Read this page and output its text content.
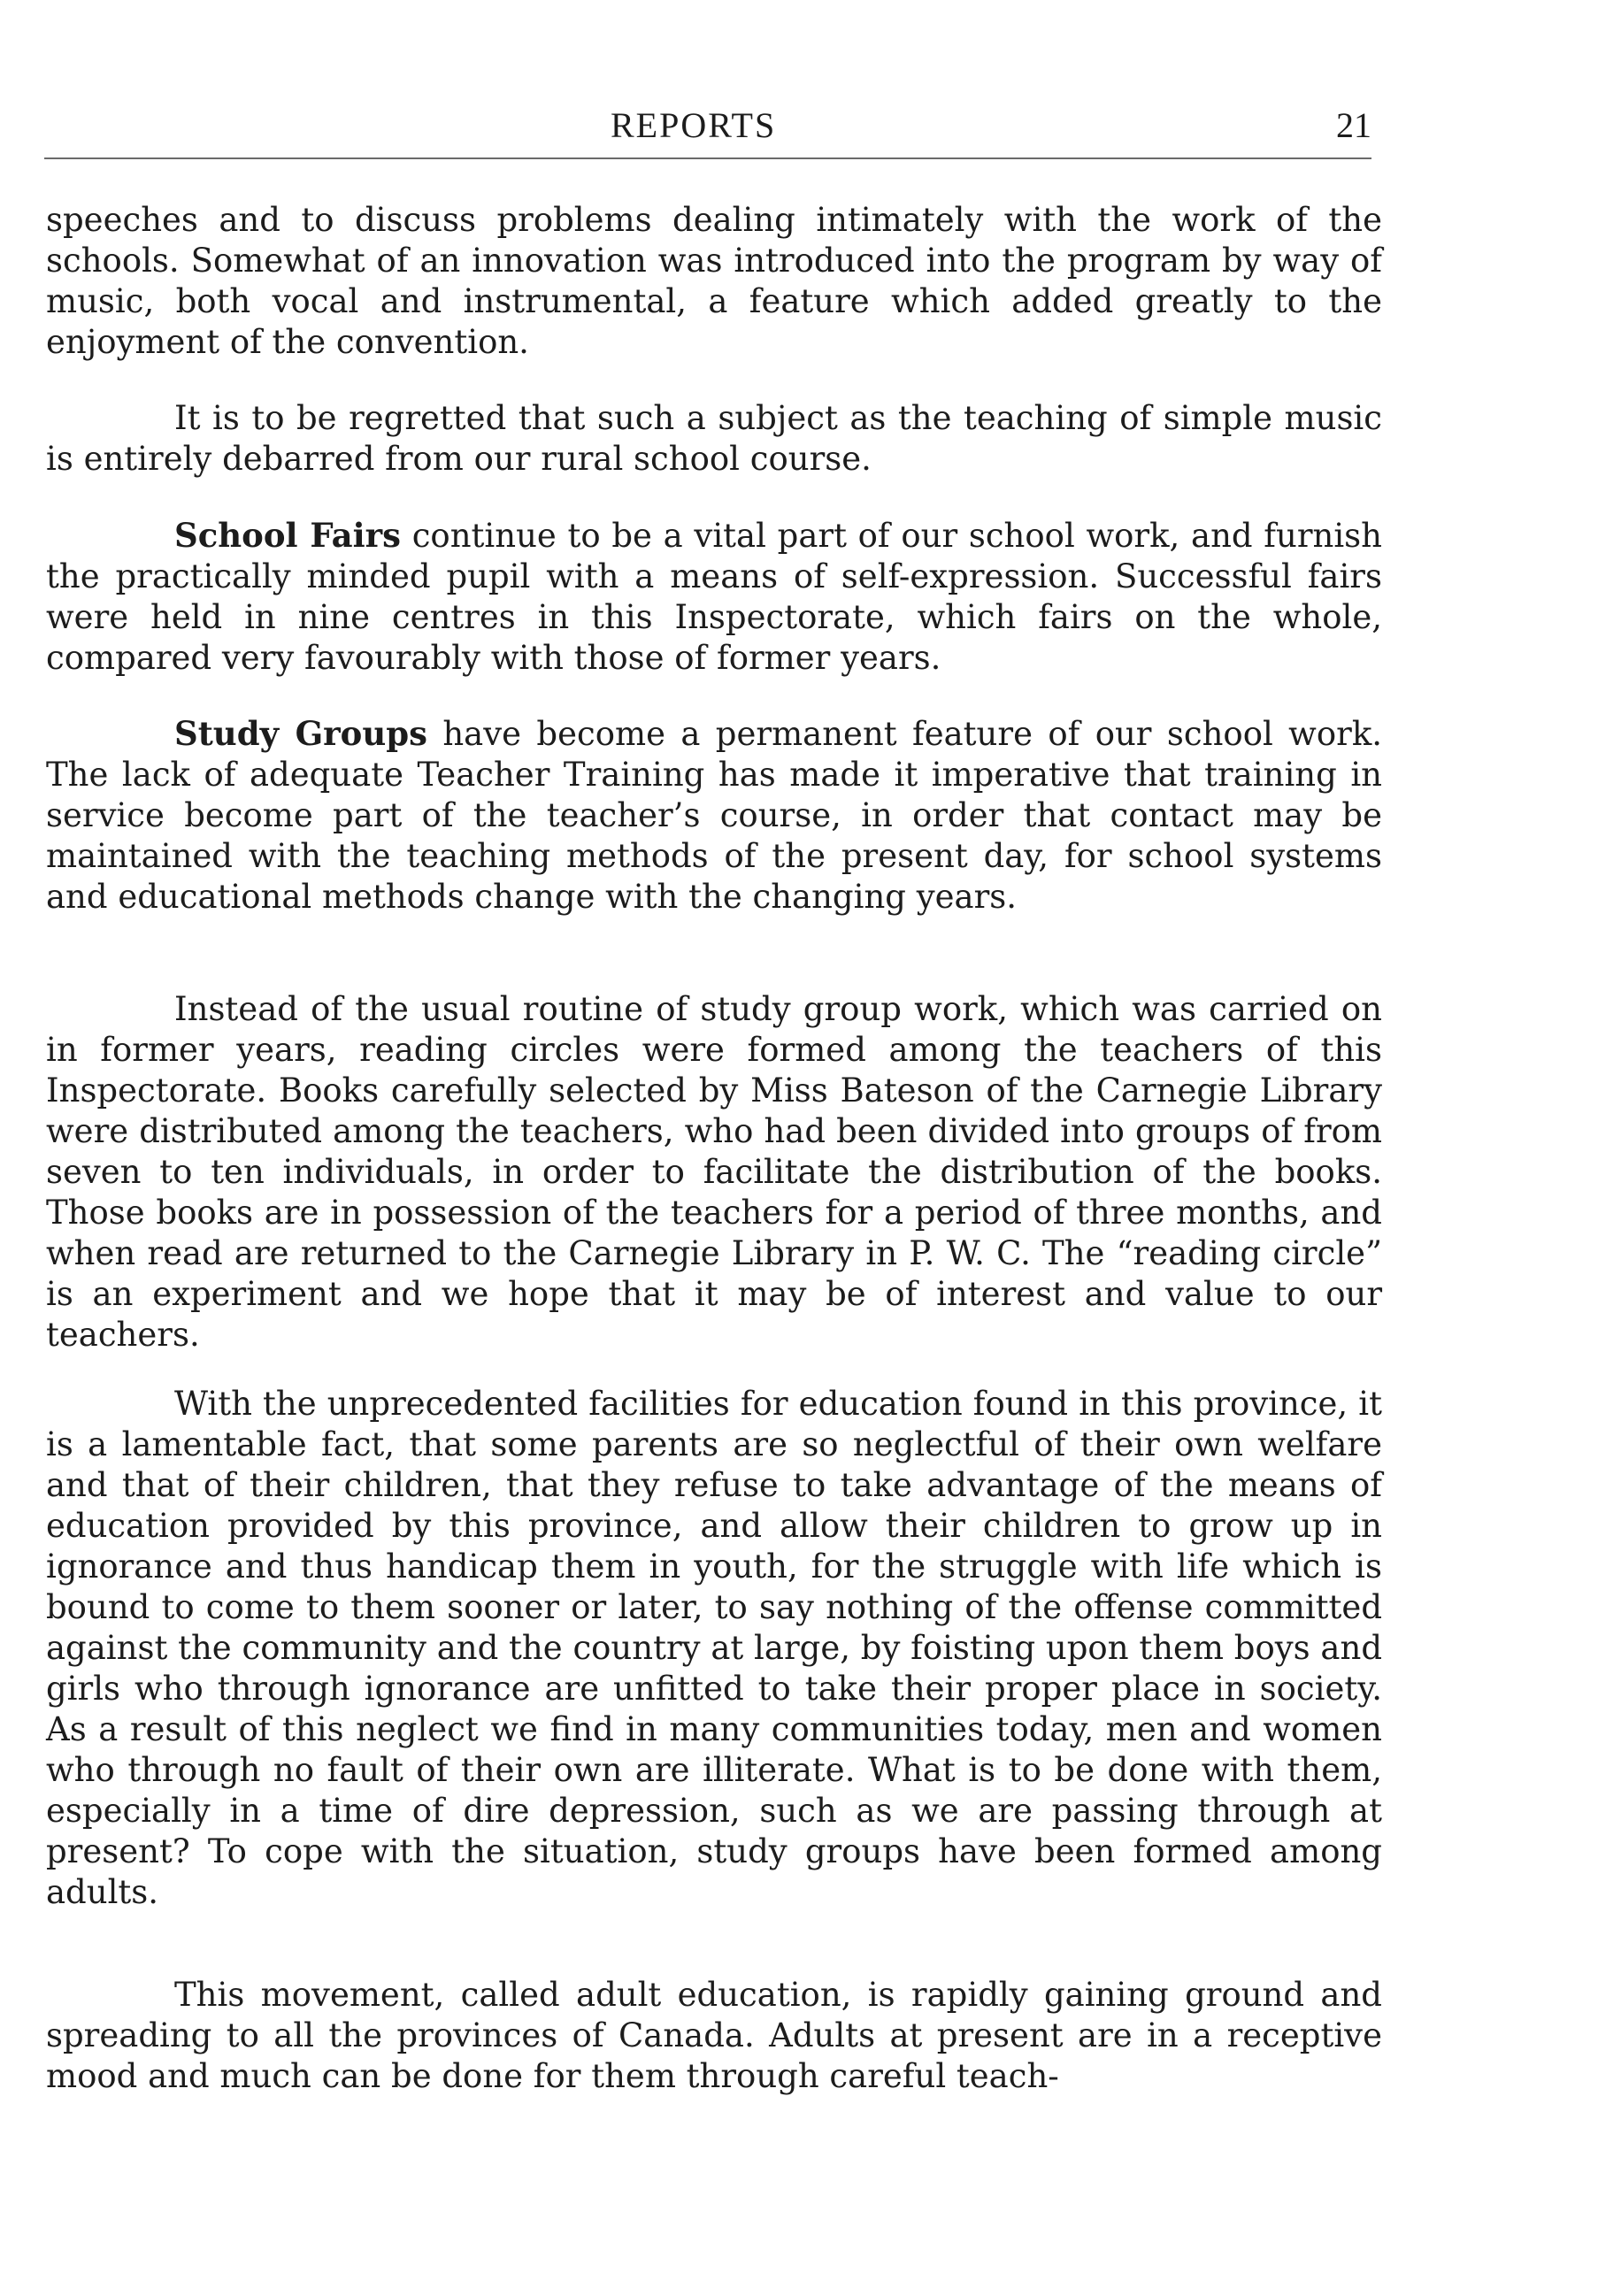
REPORTS	21

speeches and to discuss problems dealing intimately with the work of the schools. Somewhat of an innovation was introduced into the program by way of music, both vocal and instrumental, a feature which added greatly to the enjoyment of the convention.

It is to be regretted that such a subject as the teaching of simple music is entirely debarred from our rural school course.

School Fairs continue to be a vital part of our school work, and furnish the practically minded pupil with a means of self-expression. Successful fairs were held in nine centres in this Inspectorate, which fairs on the whole, compared very favourably with those of former years.

Study Groups have become a permanent feature of our school work. The lack of adequate Teacher Training has made it imperative that training in service become part of the teacher’s course, in order that contact may be maintained with the teaching methods of the present day, for school systems and educational methods change with the changing years.

Instead of the usual routine of study group work, which was carried on in former years, reading circles were formed among the teachers of this Inspectorate. Books carefully selected by Miss Bateson of the Carnegie Library were distributed among the teachers, who had been divided into groups of from seven to ten individuals, in order to facilitate the distribution of the books. Those books are in possession of the teachers for a period of three months, and when read are returned to the Carnegie Library in P. W. C. The “reading circle” is an experiment and we hope that it may be of interest and value to our teachers.

With the unprecedented facilities for education found in this province, it is a lamentable fact, that some parents are so neglectful of their own welfare and that of their children, that they refuse to take advantage of the means of education provided by this province, and allow their children to grow up in ignorance and thus handicap them in youth, for the struggle with life which is bound to come to them sooner or later, to say nothing of the offense committed against the community and the country at large, by foisting upon them boys and girls who through ignorance are unfitted to take their proper place in society. As a result of this neglect we find in many communities today, men and women who through no fault of their own are illiterate. What is to be done with them, especially in a time of dire depression, such as we are passing through at present? To cope with the situation, study groups have been formed among adults.

This movement, called adult education, is rapidly gaining ground and spreading to all the provinces of Canada. Adults at present are in a receptive mood and much can be done for them through careful teach-
